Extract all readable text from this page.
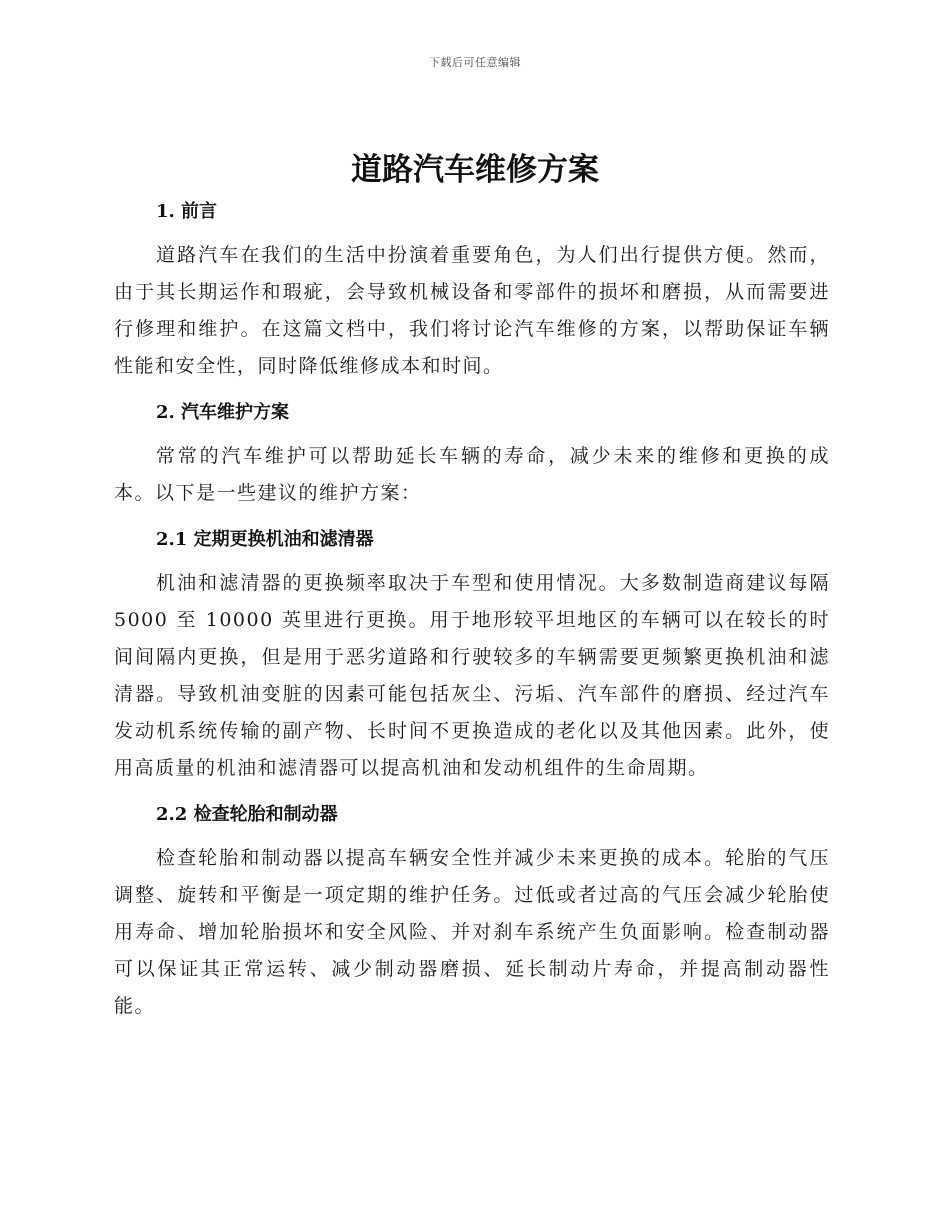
下载后可任意编辑
道路汽车维修方案
1. 前言

道路汽车在我们的生活中扮演着重要角色，为人们出行提供方便。然而，由于其长期运作和瑕疵，会导致机械设备和零部件的损坏和磨损，从而需要进行修理和维护。在这篇文档中，我们将讨论汽车维修的方案，以帮助保证车辆性能和安全性，同时降低维修成本和时间。

2. 汽车维护方案

常常的汽车维护可以帮助延长车辆的寿命，减少未来的维修和更换的成本。以下是一些建议的维护方案：

2.1 定期更换机油和滤清器

机油和滤清器的更换频率取决于车型和使用情况。大多数制造商建议每隔 5000 至 10000 英里进行更换。用于地形较平坦地区的车辆可以在较长的时间间隔内更换，但是用于恶劣道路和行驶较多的车辆需要更频繁更换机油和滤清器。导致机油变脏的因素可能包括灰尘、污垢、汽车部件的磨损、经过汽车发动机系统传输的副产物、长时间不更换造成的老化以及其他因素。此外，使用高质量的机油和滤清器可以提高机油和发动机组件的生命周期。

2.2 检查轮胎和制动器

检查轮胎和制动器以提高车辆安全性并减少未来更换的成本。轮胎的气压调整、旋转和平衡是一项定期的维护任务。过低或者过高的气压会减少轮胎使用寿命、增加轮胎损坏和安全风险、并对刹车系统产生负面影响。检查制动器可以保证其正常运转、减少制动器磨损、延长制动片寿命，并提高制动器性能。
